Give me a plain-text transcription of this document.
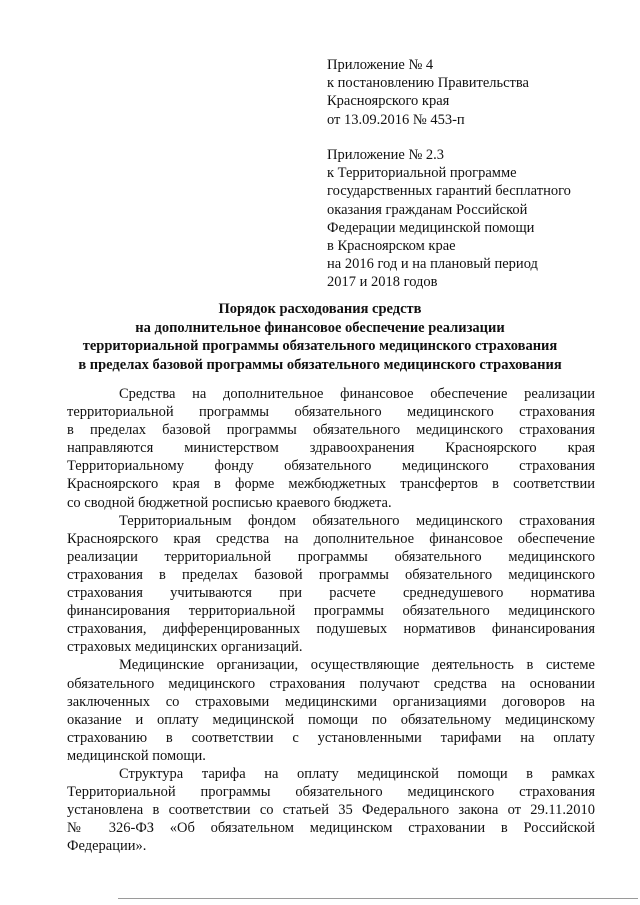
Приложение № 4
к постановлению Правительства
Красноярского края
от 13.09.2016 № 453-п
Приложение № 2.3
к Территориальной программе
государственных гарантий бесплатного
оказания гражданам Российской
Федерации медицинской помощи
в Красноярском крае
на 2016 год и на плановый период
2017 и 2018 годов
Порядок расходования средств
на дополнительное финансовое обеспечение реализации
территориальной программы обязательного медицинского страхования
в пределах базовой программы обязательного медицинского страхования
Средства на дополнительное финансовое обеспечение реализации
территориальной программы обязательного медицинского страхования
в пределах базовой программы обязательного медицинского страхования
направляются министерством здравоохранения Красноярского края
Территориальному фонду обязательного медицинского страхования
Красноярского края в форме межбюджетных трансфертов в соответствии
со сводной бюджетной росписью краевого бюджета.
Территориальным фондом обязательного медицинского страхования
Красноярского края средства на дополнительное финансовое обеспечение
реализации территориальной программы обязательного медицинского
страхования в пределах базовой программы обязательного медицинского
страхования учитываются при расчете среднедушевого норматива
финансирования территориальной программы обязательного медицинского
страхования, дифференцированных подушевых нормативов финансирования
страховых медицинских организаций.
Медицинские организации, осуществляющие деятельность в системе
обязательного медицинского страхования получают средства на основании
заключенных со страховыми медицинскими организациями договоров на
оказание и оплату медицинской помощи по обязательному медицинскому
страхованию в соответствии с установленными тарифами на оплату
медицинской помощи.
Структура тарифа на оплату медицинской помощи в рамках
Территориальной программы обязательного медицинского страхования
установлена в соответствии со статьей 35 Федерального закона от 29.11.2010
№ 326-ФЗ «Об обязательном медицинском страховании в Российской
Федерации».
